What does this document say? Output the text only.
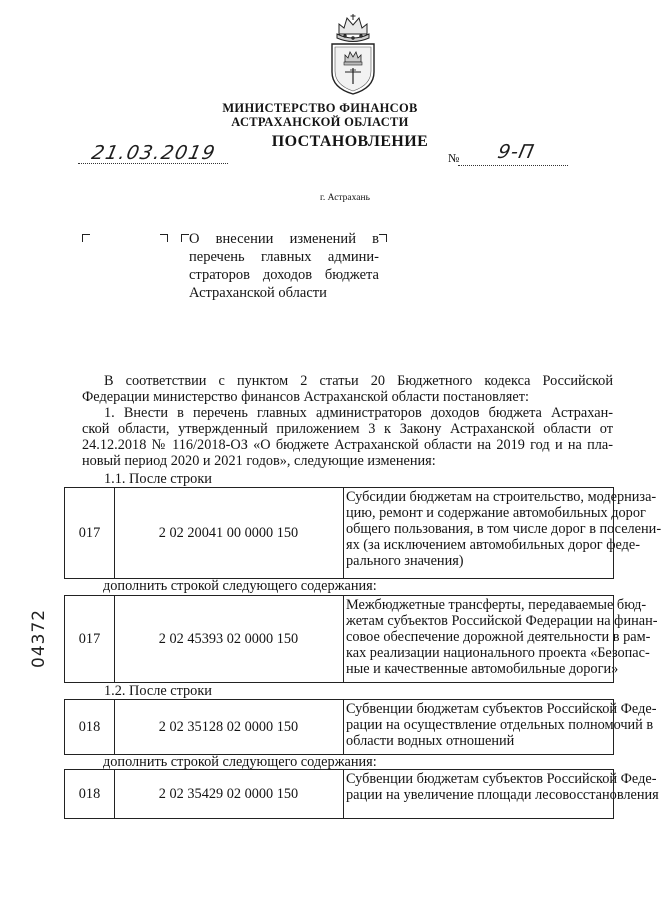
МИНИСТЕРСТВО ФИНАНСОВ
АСТРАХАНСКОЙ ОБЛАСТИ
ПОСТАНОВЛЕНИЕ
21.03.2019	№ 9-П
г. Астрахань
О внесении изменений в
перечень главных админи-
страторов доходов бюджета
Астраханской области
В соответствии с пунктом 2 статьи 20 Бюджетного кодекса Российской
Федерации министерство финансов Астраханской области постановляет:
1. Внести в перечень главных администраторов доходов бюджета Астрахан-
ской области, утвержденный приложением 3 к Закону Астраханской области от
24.12.2018 № 116/2018-ОЗ «О бюджете Астраханской области на 2019 год и на пла-
новый период 2020 и 2021 годов», следующие изменения:
1.1. После строки
017	2 02 20041 00 0000 150
Субсидии бюджетам на строительство, модерниза-
цию, ремонт и содержание автомобильных дорог
общего пользования, в том числе дорог в поселени-
ях (за исключением автомобильных дорог феде-
рального значения)
дополнить строкой следующего содержания:
017	2 02 45393 02 0000 150
Межбюджетные трансферты, передаваемые бюд-
жетам субъектов Российской Федерации на финан-
совое обеспечение дорожной деятельности в рам-
ках реализации национального проекта «Безопас-
ные и качественные автомобильные дороги»
1.2. После строки
018	2 02 35128 02 0000 150
Субвенции бюджетам субъектов Российской Феде-
рации на осуществление отдельных полномочий в
области водных отношений
дополнить строкой следующего содержания:
018	2 02 35429 02 0000 150
Субвенции бюджетам субъектов Российской Феде-
рации на увеличение площади лесовосстановления
04372
